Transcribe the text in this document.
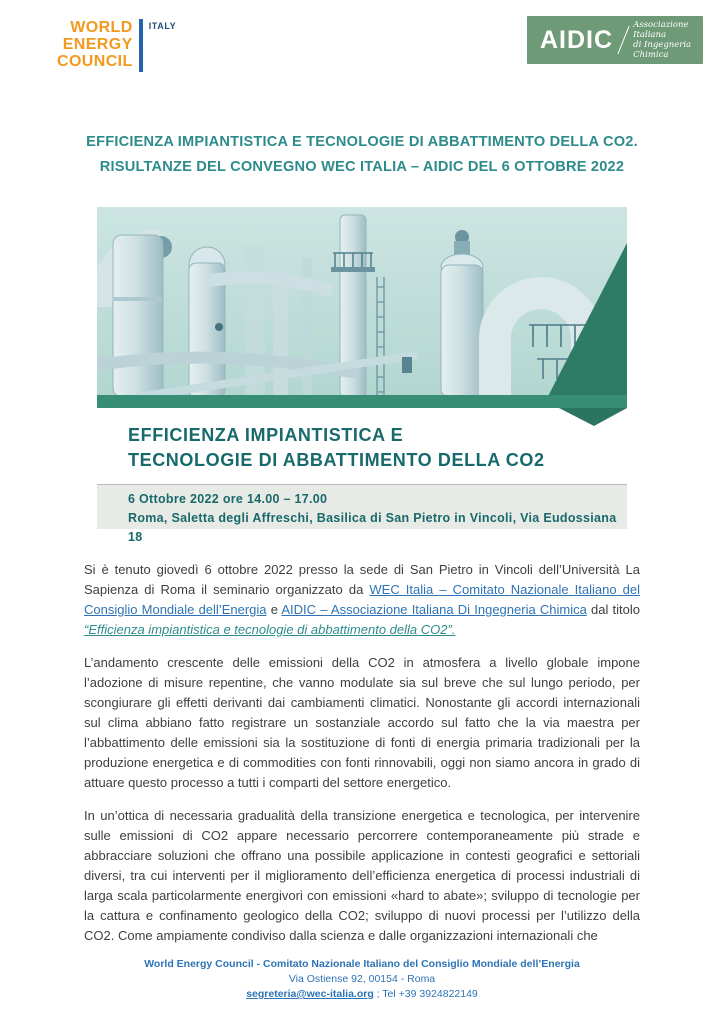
WORLD
ENERGY
COUNCIL
ITALY	AIDIC
Associazione Italiana
di Ingegneria Chimica
EFFICIENZA IMPIANTISTICA E TECNOLOGIE DI ABBATTIMENTO DELLA CO2.
RISULTANZE DEL CONVEGNO WEC ITALIA – AIDIC DEL 6 OTTOBRE 2022
EFFICIENZA IMPIANTISTICA E
TECNOLOGIE DI ABBATTIMENTO DELLA CO2
6 Ottobre 2022 ore 14.00 – 17.00
Roma, Saletta degli Affreschi, Basilica di San Pietro in Vincoli, Via Eudossiana 18

Si è tenuto giovedì 6 ottobre 2022 presso la sede di San Pietro in Vincoli dell’Università La Sapienza di Roma il seminario organizzato da WEC Italia – Comitato Nazionale Italiano del Consiglio Mondiale dell’Energia e AIDIC – Associazione Italiana Di Ingegneria Chimica dal titolo “Efficienza impiantistica e tecnologie di abbattimento della CO2”.

L’andamento crescente delle emissioni della CO2 in atmosfera a livello globale impone l’adozione di misure repentine, che vanno modulate sia sul breve che sul lungo periodo, per scongiurare gli effetti derivanti dai cambiamenti climatici. Nonostante gli accordi internazionali sul clima abbiano fatto registrare un sostanziale accordo sul fatto che la via maestra per l’abbattimento delle emissioni sia la sostituzione di fonti di energia primaria tradizionali per la produzione energetica e di commodities con fonti rinnovabili, oggi non siamo ancora in grado di attuare questo processo a tutti i comparti del settore energetico.

In un’ottica di necessaria gradualità della transizione energetica e tecnologica, per intervenire sulle emissioni di CO2 appare necessario percorrere contemporaneamente più strade e abbracciare soluzioni che offrano una possibile applicazione in contesti geografici e settoriali diversi, tra cui interventi per il miglioramento dell’efficienza energetica di processi industriali di larga scala particolarmente energivori con emissioni «hard to abate»; sviluppo di tecnologie per la cattura e confinamento geologico della CO2; sviluppo di nuovi processi per l’utilizzo della CO2. Come ampiamente condiviso dalla scienza e dalle organizzazioni internazionali che

World Energy Council - Comitato Nazionale Italiano del Consiglio Mondiale dell’Energia
Via Ostiense 92, 00154 - Roma
segreteria@wec-italia.org ; Tel +39 3924822149
